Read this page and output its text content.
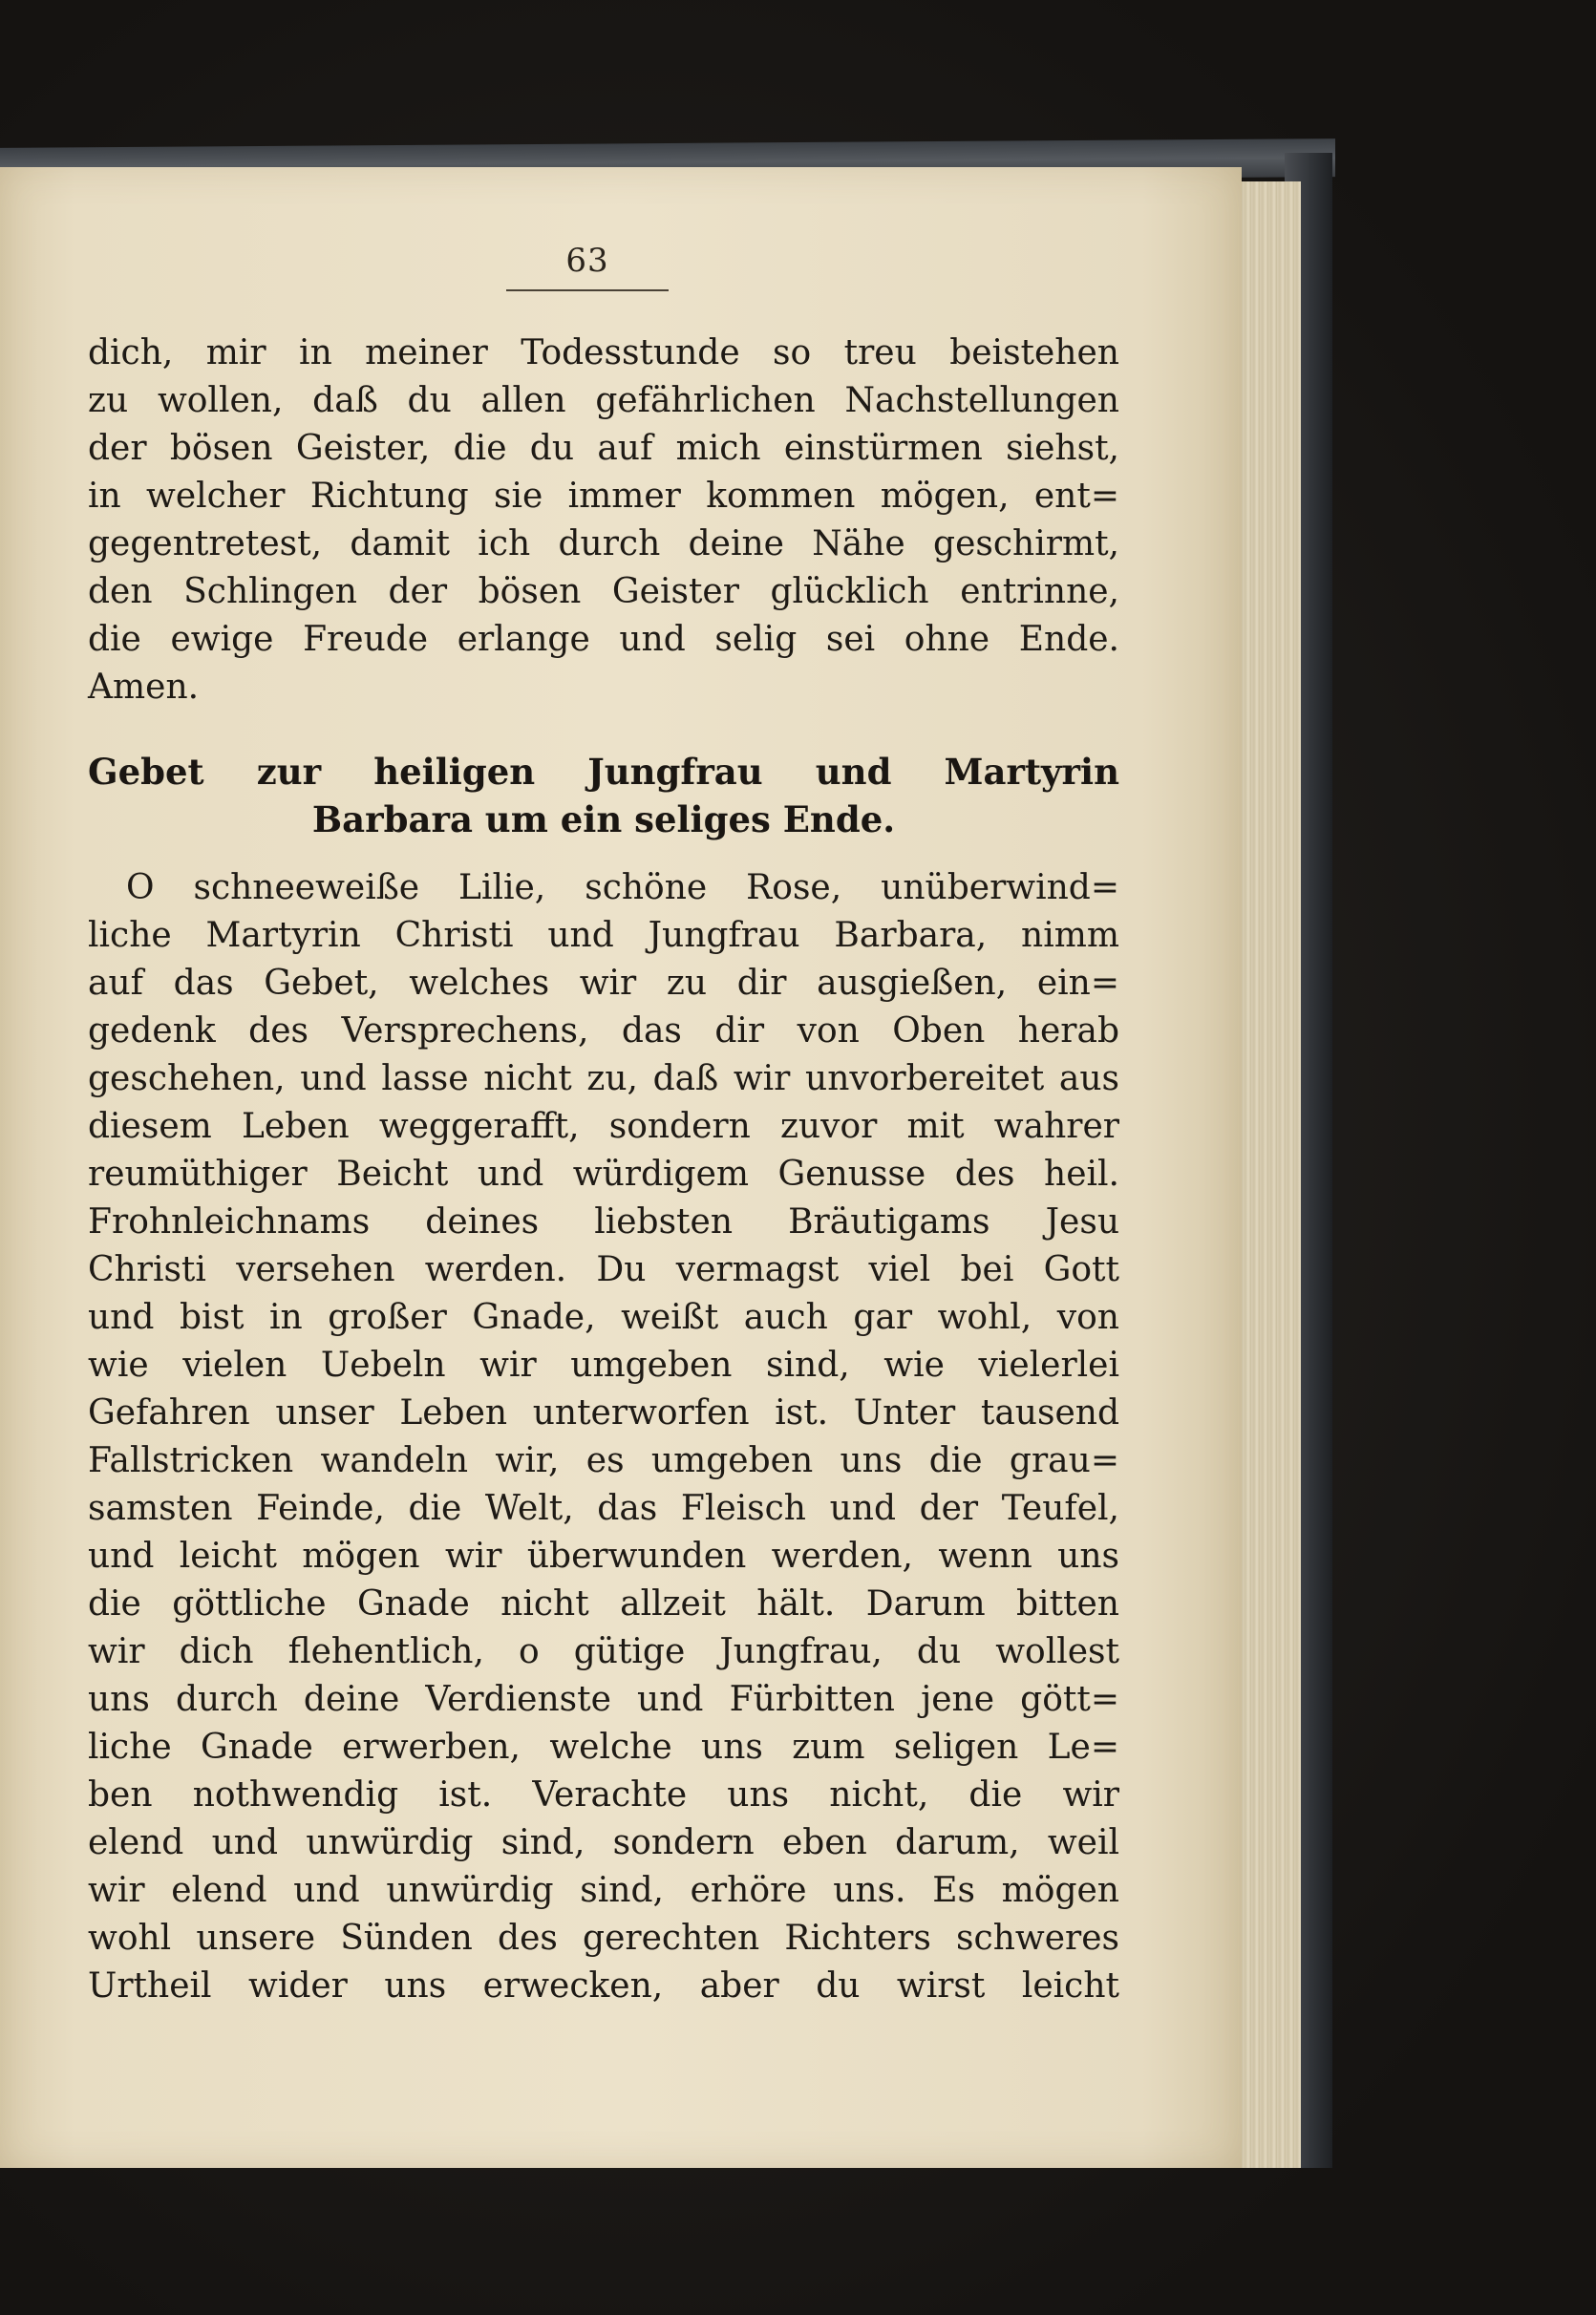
63
dich, mir in meiner Todesstunde so treu beistehen
zu wollen, daß du allen gefährlichen Nachstellungen
der bösen Geister, die du auf mich einstürmen siehst,
in welcher Richtung sie immer kommen mögen, ent=
gegentretest, damit ich durch deine Nähe geschirmt,
den Schlingen der bösen Geister glücklich entrinne,
die ewige Freude erlange und selig sei ohne Ende.
Amen.
Gebet zur heiligen Jungfrau und Martyrin
Barbara um ein seliges Ende.
O schneeweiße Lilie, schöne Rose, unüberwind=
liche Martyrin Christi und Jungfrau Barbara, nimm
auf das Gebet, welches wir zu dir ausgießen, ein=
gedenk des Versprechens, das dir von Oben herab
geschehen, und lasse nicht zu, daß wir unvorbereitet aus
diesem Leben weggerafft, sondern zuvor mit wahrer
reumüthiger Beicht und würdigem Genusse des heil.
Frohnleichnams deines liebsten Bräutigams Jesu
Christi versehen werden. Du vermagst viel bei Gott
und bist in großer Gnade, weißt auch gar wohl, von
wie vielen Uebeln wir umgeben sind, wie vielerlei
Gefahren unser Leben unterworfen ist. Unter tausend
Fallstricken wandeln wir, es umgeben uns die grau=
samsten Feinde, die Welt, das Fleisch und der Teufel,
und leicht mögen wir überwunden werden, wenn uns
die göttliche Gnade nicht allzeit hält. Darum bitten
wir dich flehentlich, o gütige Jungfrau, du wollest
uns durch deine Verdienste und Fürbitten jene gött=
liche Gnade erwerben, welche uns zum seligen Le=
ben nothwendig ist. Verachte uns nicht, die wir
elend und unwürdig sind, sondern eben darum, weil
wir elend und unwürdig sind, erhöre uns. Es mögen
wohl unsere Sünden des gerechten Richters schweres
Urtheil wider uns erwecken, aber du wirst leicht
